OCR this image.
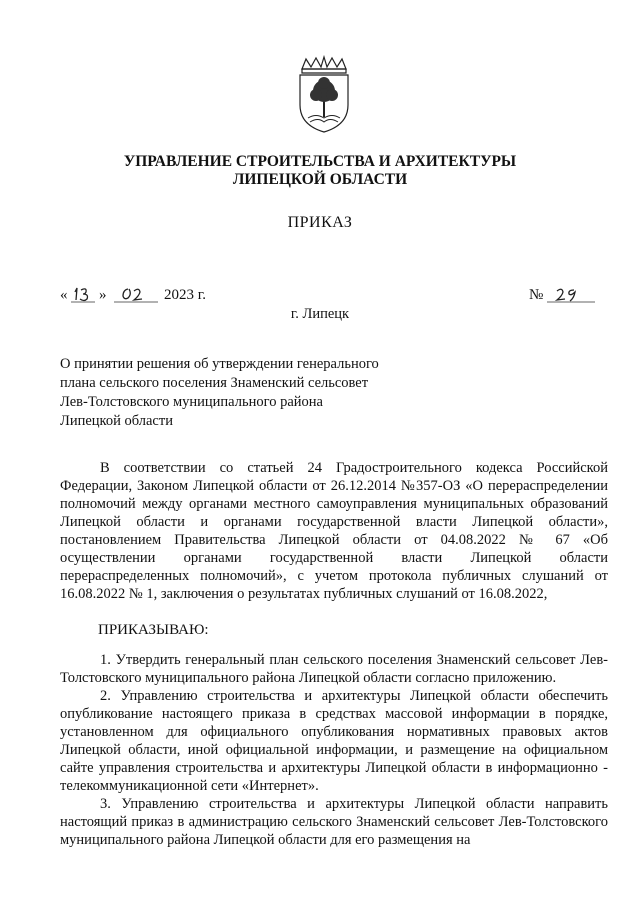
УПРАВЛЕНИЕ СТРОИТЕЛЬСТВА И АРХИТЕКТУРЫ
ЛИПЕЦКОЙ ОБЛАСТИ
ПРИКАЗ
« »	2023 г.	№
г. Липецк
О принятии решения об утверждении генерального
плана сельского поселения Знаменский сельсовет
Лев-Толстовского муниципального района
Липецкой области
В соответствии со статьей 24 Градостроительного кодекса Российской Федерации, Законом Липецкой области от 26.12.2014 №357-ОЗ «О перераспределении полномочий между органами местного самоуправления муниципальных образований Липецкой области и органами государственной власти Липецкой области», постановлением Правительства Липецкой области от 04.08.2022 № 67 «Об осуществлении органами государственной власти Липецкой области перераспределенных полномочий», с учетом протокола публичных слушаний от 16.08.2022 № 1, заключения о результатах публичных слушаний от 16.08.2022,
ПРИКАЗЫВАЮ:
1. Утвердить генеральный план сельского поселения Знаменский сельсовет Лев-Толстовского муниципального района Липецкой области согласно приложению.
2. Управлению строительства и архитектуры Липецкой области обеспечить опубликование настоящего приказа в средствах массовой информации в порядке, установленном для официального опубликования нормативных правовых актов Липецкой области, иной официальной информации, и размещение на официальном сайте управления строительства и архитектуры Липецкой области в информационно - телекоммуникационной сети «Интернет».
3. Управлению строительства и архитектуры Липецкой области направить настоящий приказ в администрацию сельского Знаменский сельсовет Лев-Толстовского муниципального района Липецкой области для его размещения на
